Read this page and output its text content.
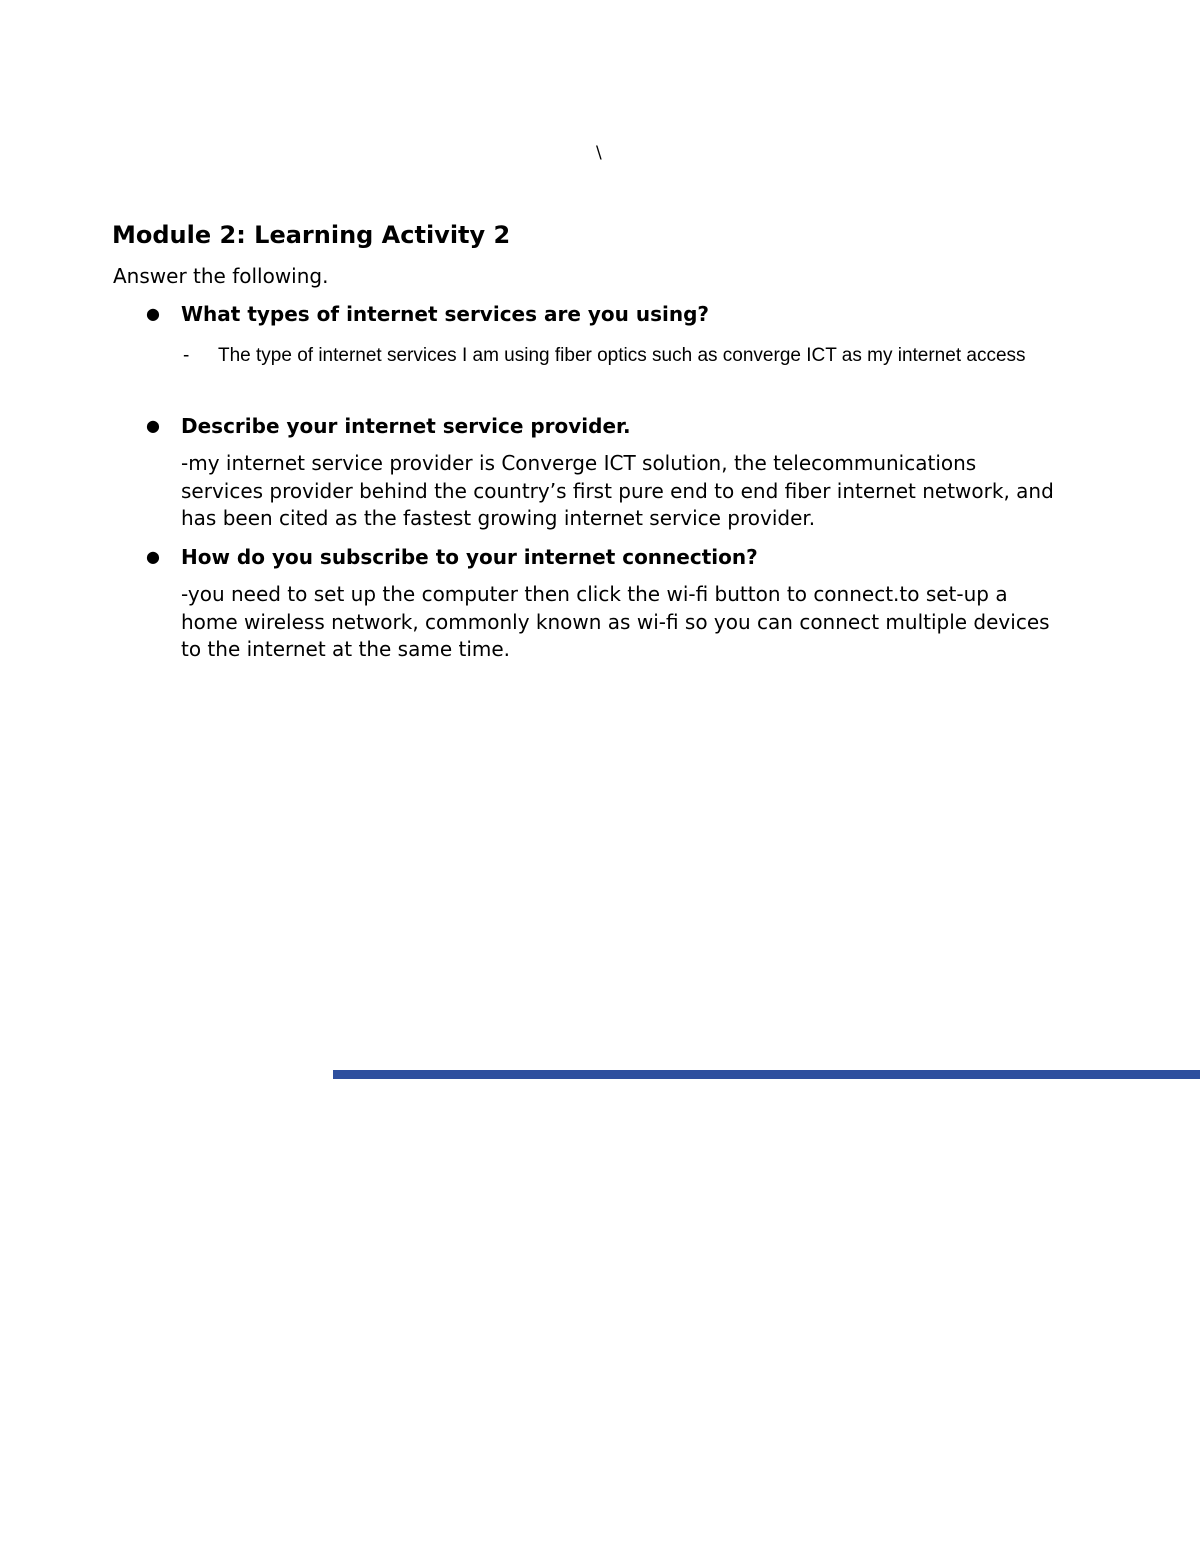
\
Module 2: Learning Activity 2

Answer the following.

● What types of internet services are you using?

- The type of internet services I am using fiber optics such as converge ICT as my internet access

● Describe your internet service provider.

-my internet service provider is Converge ICT solution, the telecommunications services provider behind the country’s first pure end to end fiber internet network, and has been cited as the fastest growing internet service provider.

● How do you subscribe to your internet connection?

-you need to set up the computer then click the wi-fi button to connect.to set-up a home wireless network, commonly known as wi-fi so you can connect multiple devices to the internet at the same time.
